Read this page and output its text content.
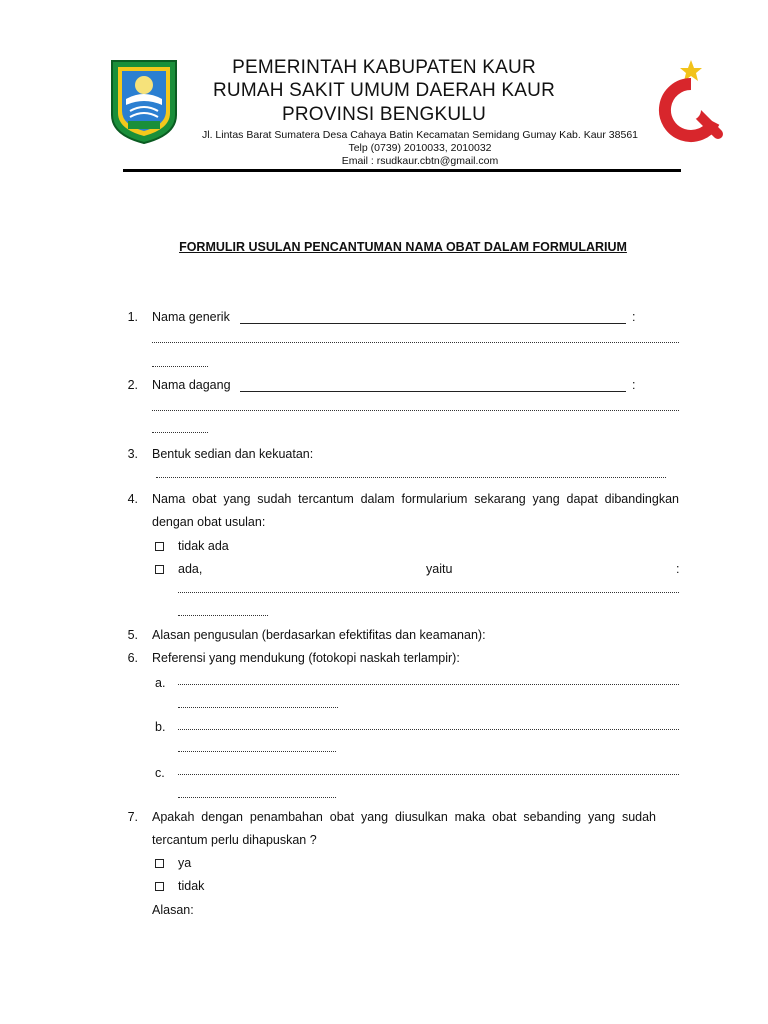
PEMERINTAH KABUPATEN KAUR
RUMAH SAKIT UMUM DAERAH KAUR
PROVINSI BENGKULU
Jl. Lintas Barat Sumatera Desa Cahaya Batin Kecamatan Semidang Gumay Kab. Kaur 38561
Telp (0739) 2010033, 2010032
Email : rsudkaur.cbtn@gmail.com
FORMULIR USULAN PENCANTUMAN NAMA OBAT DALAM FORMULARIUM
1. Nama generik	:
2. Nama dagang	:
3. Bentuk sedian dan kekuatan:
4. Nama obat yang sudah tercantum dalam formularium sekarang yang dapat dibandingkan
dengan obat usulan:
tidak ada
ada,	yaitu	:
5. Alasan pengusulan (berdasarkan efektifitas dan keamanan):
6. Referensi yang mendukung (fotokopi naskah terlampir):
a.
b.
c.
7. Apakah dengan penambahan obat yang diusulkan maka obat sebanding yang sudah
tercantum perlu dihapuskan ?
ya
tidak
Alasan:
